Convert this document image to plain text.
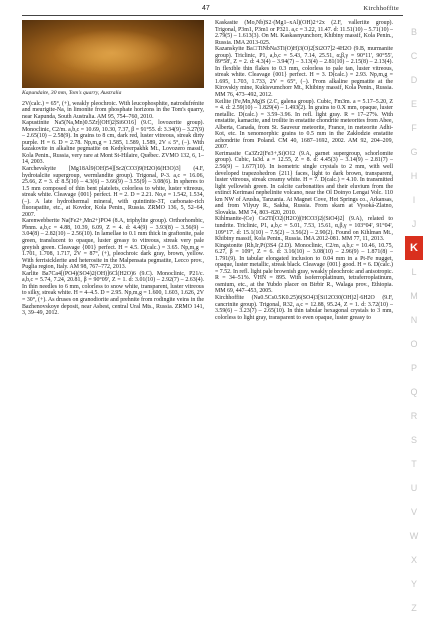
47	Kirchhoffite
Kapundaite, 30 mm, Tom's quarry, Australia

2V(calc.) = 65°, (+), weakly pleochroic. With leucophosphite, natrodufrénite and meurigite-Na, in limonite from phosphate horizons in the Tom's quarry, near Kapunda, South Australia. AM 95, 754–760, 2010.

Kapustinite Na5(Na,Mn)0.5Zr[(OH)2|Si6O16] (9.C, lovozerite group). Monoclinic, C2/m. a,b,c = 10.69, 10.30, 7.37, β = 91°55. d: 3.34(9) – 3.27(9) – 2.65(10) – 2.58(9). In grains to 8 cm, dark red, luster vitreous, streak dirty purple. H = 6. D = 2.78. Np,m,g = 1.585, 1.589, 1.589, 2V ≤ 5°, (−). With kazakovite in alkaline pegmatite on Kedykverpakhk Mt., Lovozero massif, Kola Penin., Russia, very rare at Mont St-Hilaire, Québec. ZVMO 132, 6, 1–14, 2003.

Karchevskyite [Mg18Al9(OH)54][Sr2(CO3)9(H2O)6(H3O)3] (4.F, hydrotalcite supergroup, wermlandite group). Trigonal, P-3. a,c = 16.06, 25.66, Z = 3. d: 8.5(10) – 4.3(6) – 3.66(9) – 3.55(9) – 3.08(6). In spheres to 1.5 mm composed of thin bent platelets, colorless to white, luster vitreous, streak white. Cleavage {001} perfect. H = 2. D = 2.21. No,e = 1.542, 1.534, (−). A late hydrothermal mineral, with quintinite-3T, carbonate-rich fluorapatite, etc., at Kovdor, Kola Penin., Russia. ZRMO 136, 5, 52–64, 2007.

Karenwebberite Na(Fe2+,Mn2+)PO4 (8.A, triphylite group). Orthorhombic, Pbnm. a,b,c = 4.88, 10.39, 6.09, Z = 4. d: 4.4(9) – 3.93(8) – 3.56(9) – 3.04(8) – 2.82(10) – 2.56(10). In lamellae to 0.1 mm thick in graftonite, pale green, translucent to opaque, luster greasy to vitreous, streak very pale greyish green. Cleavage {001} perfect. H = 4.5. D(calc.) = 3.65. Np,m,g = 1.701, 1.708, 1.717, 2V = 87°, (+), pleochroic dark gray, brown, yellow. With ferrisicklerite and heterosite in the Malpensata pegmatite, Lecco prov., Puglia region, Italy. AM 98, 767–772, 2013.

Karlite Ba7Ca4[(PO4)(SO4)2(OH)]6Cl(H2O)6 (9.C). Monoclinic, P21/c. a,b,c = 5.74, 7.24, 20.81, β = 90°09', Z = 1. d: 3.01(10) – 2.92(7) – 2.63(4). In thin needles to 6 mm, colorless to snow white, transparent, luster vitreous to silky, streak white. H = 4–4.5. D = 2.95. Np,m,g = 1.600, 1.603, 1.626, 2V = 30°, (+). As druses on granodiorite and prehnite from rodingite veins in the Bazhenovskoye deposit, near Asbest, central Ural Mts., Russia. ZRMO 141, 3, 39–49, 2012.

Kaskasite (Mo,Nb)S2·(Mg1–xAl)(OH)2+2x (2.F, valleriite group). Trigonal, P3m1, P3m1 or P321. a,c = 3.22, 11.47. d: 11.51(10) – 5.71(10) – 2.79(5) – 1.613(3). On Mt. Kaskasnyunchorr, Khibiny massif, Kola Penin., Russia. IMA 2013-025.

Kazanskyite Ba□TiNbNa3Ti(O)H)3(O)2[Si2O7]2·4H2O (9.B, murmanite group). Triclinic, P1, a,b,c = 5.43, 7.14, 25.51, α,β,γ = 90°11', 90°55', 89°58', Z = 2. d: 4.3(4) – 3.94(7) – 3.13(4) – 2.81(10) – 2.15(8) – 2.13(4). In flexible thin flakes to 0.3 mm, colorless to pale tan, luster vitreous, streak white. Cleavage {001} perfect. H = 3. D(calc.) = 2.93. Np,m,g = 1.695, 1.703, 1.733, 2V = 65°, (−). From alkaline pegmatite at the Kirovskiy mine, Kukisvumchorr Mt., Khibiny massif, Kola Penin., Russia. MM 76, 473–492, 2012.

Keilite (Fe,Mn,Mg)S (2.C, galena group). Cubic, Fm3m. a = 5.17–5.20, Z = 4. d: 2.59(10) – 1.829(4) – 1.493(2). In grains to 0.X mm, opaque, luster metallic. D(calc.) = 3.59–3.96. In refl. light gray. R = 17–27%. With enstatite, kamacite, and troilite in enstatite chondrite meteorites from Abee, Alberta, Canada, from St. Sauveur meteorite, France, in meteorite Adhi-Kot, etc. In xenomorphic grains to 0.5 mm in the Zakłodzie enstatite achondrite from Poland. CM 40, 1687–1692, 2002. AM 92, 204–209, 2007.

Kerimasite Ca3Zr2(Fe3+,Si)O12 (9.A, garnet supergroup, schorlomite group). Cubic, Ia3d. a = 12.55, Z = 8. d: 4.45(3) – 3.14(9) – 2.81(7) – 2.56(9) – 1.677(10). In isometric single crystals to 2 mm, with well developed trapezohedron {211} faces, light to dark brown, transparent, luster vitreous, streak creamy white. H = 7. D(calc.) = 4.10. In transmitted light yellowish green. In calcite carbonatites and their eluvium from the extinct Kerimasi nephelinite volcano, near the Ol Doinyo Lengai Volc. 110 km NW of Arusha, Tanzania. At Magnet Cove, Hot Springs co., Arkansas, and from Vilyuy R., Sakha, Russia. From skarn at Vysoká-Zlatno, Slovakia. MM 74, 803–820, 2010.

Kihlmanite-(Ce) Ce2Ti[O2|(H2O)|(HCO3)2|(SiO4)2] (9.A), related to tundrite. Triclinic, P1, a,b,c = 5.01, 7.53, 15.61, α,β,γ = 103°04', 91°04', 109°17'. d: 15.1(10) – 7.5(2) – 3.56(2) – 2.90(2). Found on Kihlman Mt., Khibiny massif, Kola Penin., Russia. IMA 2012-081. MM 77, 11, 2013.

Kingstonite (Rh,Ir,Pt)3S4 (2.D). Monoclinic, C2/m, a,b,c = 10.46, 10.75, 6.27, β = 109°, Z = 6. d: 3.16(10) – 3.08(10) – 2.96(9) – 1.871(8) – 1.791(9). In tabular elongated inclusion to 0.04 mm in a Pt-Fe nugget, opaque, luster metallic, streak black. Cleavage {001} good. H = 6. D(calc.) = 7.52. In refl. light pale brownish gray, weakly pleochroic and anisotropic. R = 34–51%. VHN = 895. With isoferroplatinum, tetraferroplatinum, osmium, etc., at the Yubdo placer on Birbir R., Walaga prov., Ethiopia. MM 69, 447–453, 2005.

Kirchhoffite (Na0.5Cs0.5K0.25)6(SO4)3[Si12O30(OH)2]·6H2O (9.F, cancrinite group). Trigonal, R32, a,c = 12.88, 95.24, Z = 1. d: 3.72(10) – 3.59(6) – 3.23(7) – 2.65(10). In thin tabular hexagonal crystals to 3 mm, colorless to light gray, transparent to even opaque, luster greasy to

B
C
D
E
F
G
H
I
J
K
L
M
N
O
P
Q
R
S
T
U
V
W
X
Y
Z
